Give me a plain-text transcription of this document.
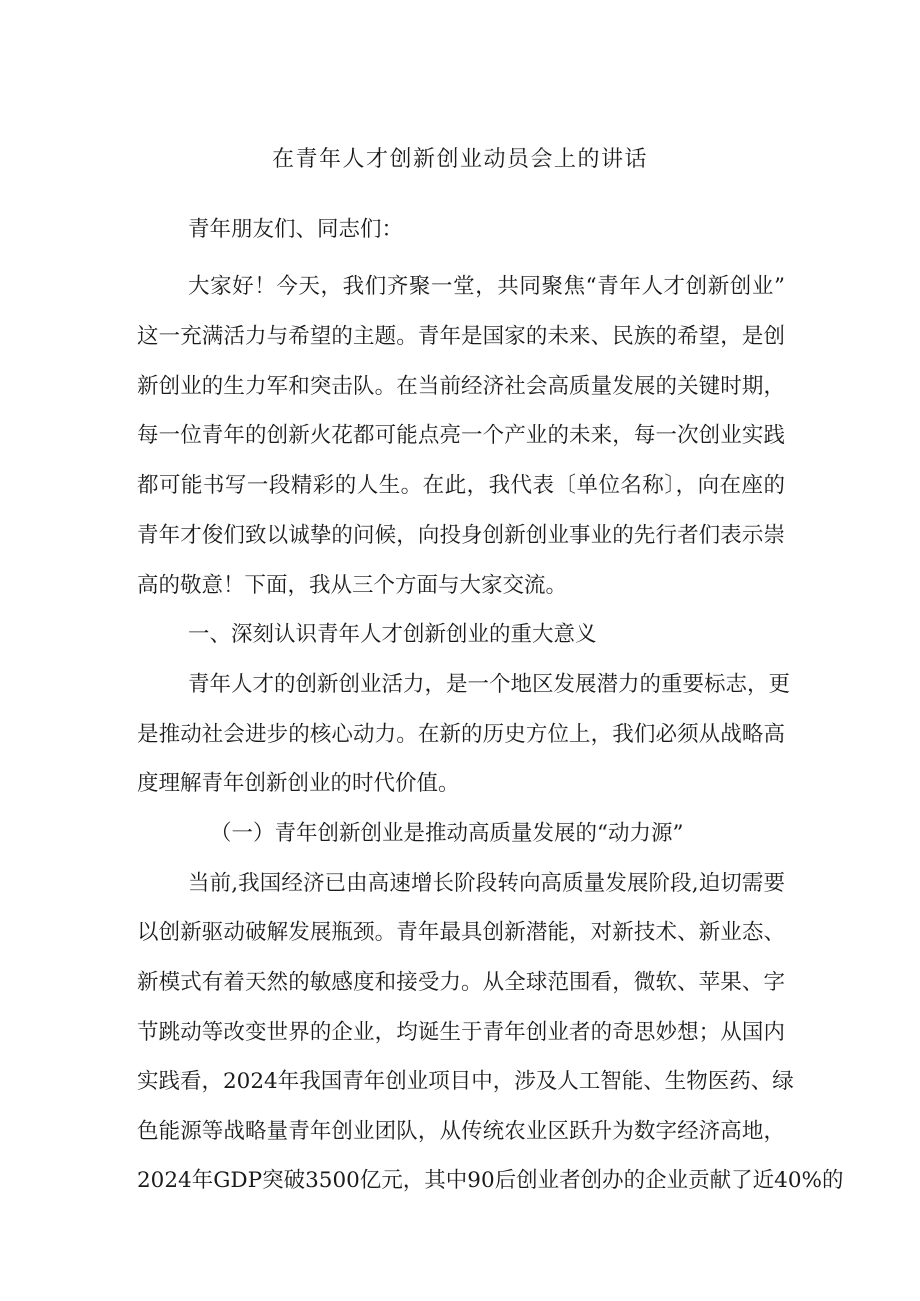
在青年人才创新创业动员会上的讲话
青年朋友们、同志们：
大家好！今天，我们齐聚一堂，共同聚焦“青年人才创新创业”
这一充满活力与希望的主题。青年是国家的未来、民族的希望，是创
新创业的生力军和突击队。在当前经济社会高质量发展的关键时期，
每一位青年的创新火花都可能点亮一个产业的未来，每一次创业实践
都可能书写一段精彩的人生。在此，我代表〔单位名称〕，向在座的
青年才俊们致以诚挚的问候，向投身创新创业事业的先行者们表示崇
高的敬意！下面，我从三个方面与大家交流。
一、深刻认识青年人才创新创业的重大意义
青年人才的创新创业活力，是一个地区发展潜力的重要标志，更
是推动社会进步的核心动力。在新的历史方位上，我们必须从战略高
度理解青年创新创业的时代价值。
（一）青年创新创业是推动高质量发展的“动力源”
当前,我国经济已由高速增长阶段转向高质量发展阶段,迫切需要
以创新驱动破解发展瓶颈。青年最具创新潜能，对新技术、新业态、
新模式有着天然的敏感度和接受力。从全球范围看，微软、苹果、字
节跳动等改变世界的企业，均诞生于青年创业者的奇思妙想；从国内
实践看，2024年我国青年创业项目中，涉及人工智能、生物医药、绿
色能源等战略量青年创业团队，从传统农业区跃升为数字经济高地，
2024年GDP突破3500亿元，其中90后创业者创办的企业贡献了近40%的
